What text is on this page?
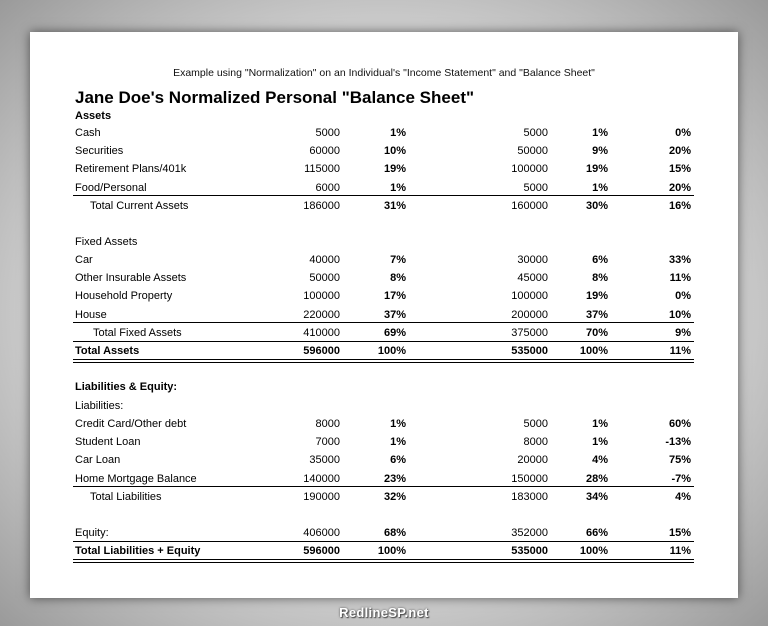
Example using "Normalization" on an Individual's "Income Statement" and "Balance Sheet"
Jane Doe's Normalized Personal "Balance Sheet"
Assets
Cash	5000	1%	5000	1%	0%
Securities	60000	10%	50000	9%	20%
Retirement Plans/401k	115000	19%	100000	19%	15%
Food/Personal	6000	1%	5000	1%	20%
Total Current Assets	186000	31%	160000	30%	16%
Fixed Assets
Car	40000	7%	30000	6%	33%
Other Insurable Assets	50000	8%	45000	8%	11%
Household Property	100000	17%	100000	19%	0%
House	220000	37%	200000	37%	10%
Total Fixed Assets	410000	69%	375000	70%	9%
Total Assets	596000	100%	535000	100%	11%
Liabilities & Equity:
Liabilities:
Credit Card/Other debt	8000	1%	5000	1%	60%
Student Loan	7000	1%	8000	1%	-13%
Car Loan	35000	6%	20000	4%	75%
Home Mortgage Balance	140000	23%	150000	28%	-7%
Total Liabilities	190000	32%	183000	34%	4%
Equity:	406000	68%	352000	66%	15%
Total Liabilities + Equity	596000	100%	535000	100%	11%
RedlineSP.net
